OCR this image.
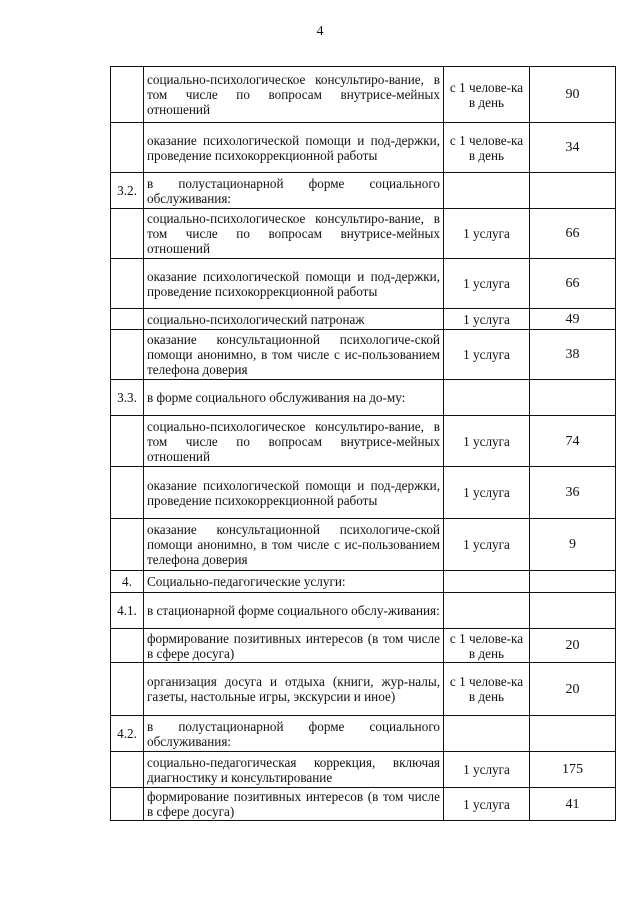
4
	социально-психологическое консультиро-вание, в том числе по вопросам внутрисе-мейных отношений	с 1 челове-ка в день	90
	оказание психологической помощи и под-держки, проведение психокоррекционной работы	с 1 челове-ка в день	34
3.2.	в полустационарной форме социального обслуживания:		
	социально-психологическое консультиро-вание, в том числе по вопросам внутрисе-мейных отношений	1 услуга	66
	оказание психологической помощи и под-держки, проведение психокоррекционной работы	1 услуга	66
	социально-психологический патронаж	1 услуга	49
	оказание консультационной психологиче-ской помощи анонимно, в том числе с ис-пользованием телефона доверия	1 услуга	38
3.3.	в форме социального обслуживания на до-му:		
	социально-психологическое консультиро-вание, в том числе по вопросам внутрисе-мейных отношений	1 услуга	74
	оказание психологической помощи и под-держки, проведение психокоррекционной работы	1 услуга	36
	оказание консультационной психологиче-ской помощи анонимно, в том числе с ис-пользованием телефона доверия	1 услуга	9
4.	Социально-педагогические услуги:		
4.1.	в стационарной форме социального обслу-живания:		
	формирование позитивных интересов (в том числе в сфере досуга)	с 1 челове-ка в день	20
	организация досуга и отдыха (книги, жур-налы, газеты, настольные игры, экскурсии и иное)	с 1 челове-ка в день	20
4.2.	в полустационарной форме социального обслуживания:		
	социально-педагогическая коррекция, включая диагностику и консультирование	1 услуга	175
	формирование позитивных интересов (в том числе в сфере досуга)	1 услуга	41
